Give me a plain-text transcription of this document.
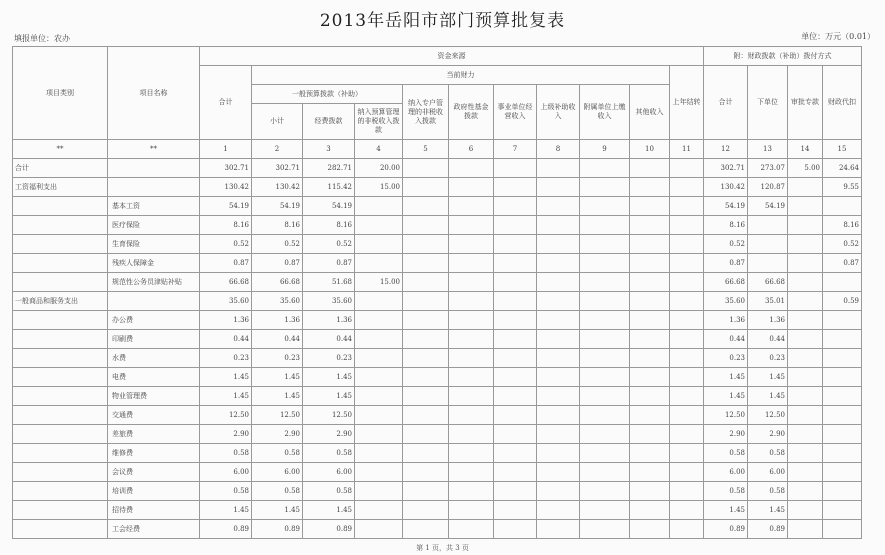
2013年岳阳市部门预算批复表
填报单位：农办	单位：万元（0.01）
项目类别	项目名称	资金来源											附：财政拨款（补助）拨付方式			
		合计	当前财力									上年结转	合计	下单位	审批专款	财政代扣
			一般预算拨款（补助）			纳入专户管理的非税收入拨款	政府性基金拨款	事业单位经营收入	上级补助收入	附属单位上缴收入	其他收入					
			小计	经费拨款	纳入预算管理的非税收入拨款											
**	**	1	2	3	4	5	6	7	8	9	10	11	12	13	14	15
合计		302.71	302.71	282.71	20.00								302.71	273.07	5.00	24.64
工资福利支出		130.42	130.42	115.42	15.00								130.42	120.87		9.55
	基本工资	54.19	54.19	54.19									54.19	54.19		
	医疗保险	8.16	8.16	8.16									8.16			8.16
	生育保险	0.52	0.52	0.52									0.52			0.52
	残疾人保障金	0.87	0.87	0.87									0.87			0.87
	规范性公务员津贴补贴	66.68	66.68	51.68	15.00								66.68	66.68		
一般商品和服务支出		35.60	35.60	35.60									35.60	35.01		0.59
	办公费	1.36	1.36	1.36									1.36	1.36		
	印刷费	0.44	0.44	0.44									0.44	0.44		
	水费	0.23	0.23	0.23									0.23	0.23		
	电费	1.45	1.45	1.45									1.45	1.45		
	物业管理费	1.45	1.45	1.45									1.45	1.45		
	交通费	12.50	12.50	12.50									12.50	12.50		
	差旅费	2.90	2.90	2.90									2.90	2.90		
	维修费	0.58	0.58	0.58									0.58	0.58		
	会议费	6.00	6.00	6.00									6.00	6.00		
	培训费	0.58	0.58	0.58									0.58	0.58		
	招待费	1.45	1.45	1.45									1.45	1.45		
	工会经费	0.89	0.89	0.89									0.89	0.89		
第 1 页，共 3 页
